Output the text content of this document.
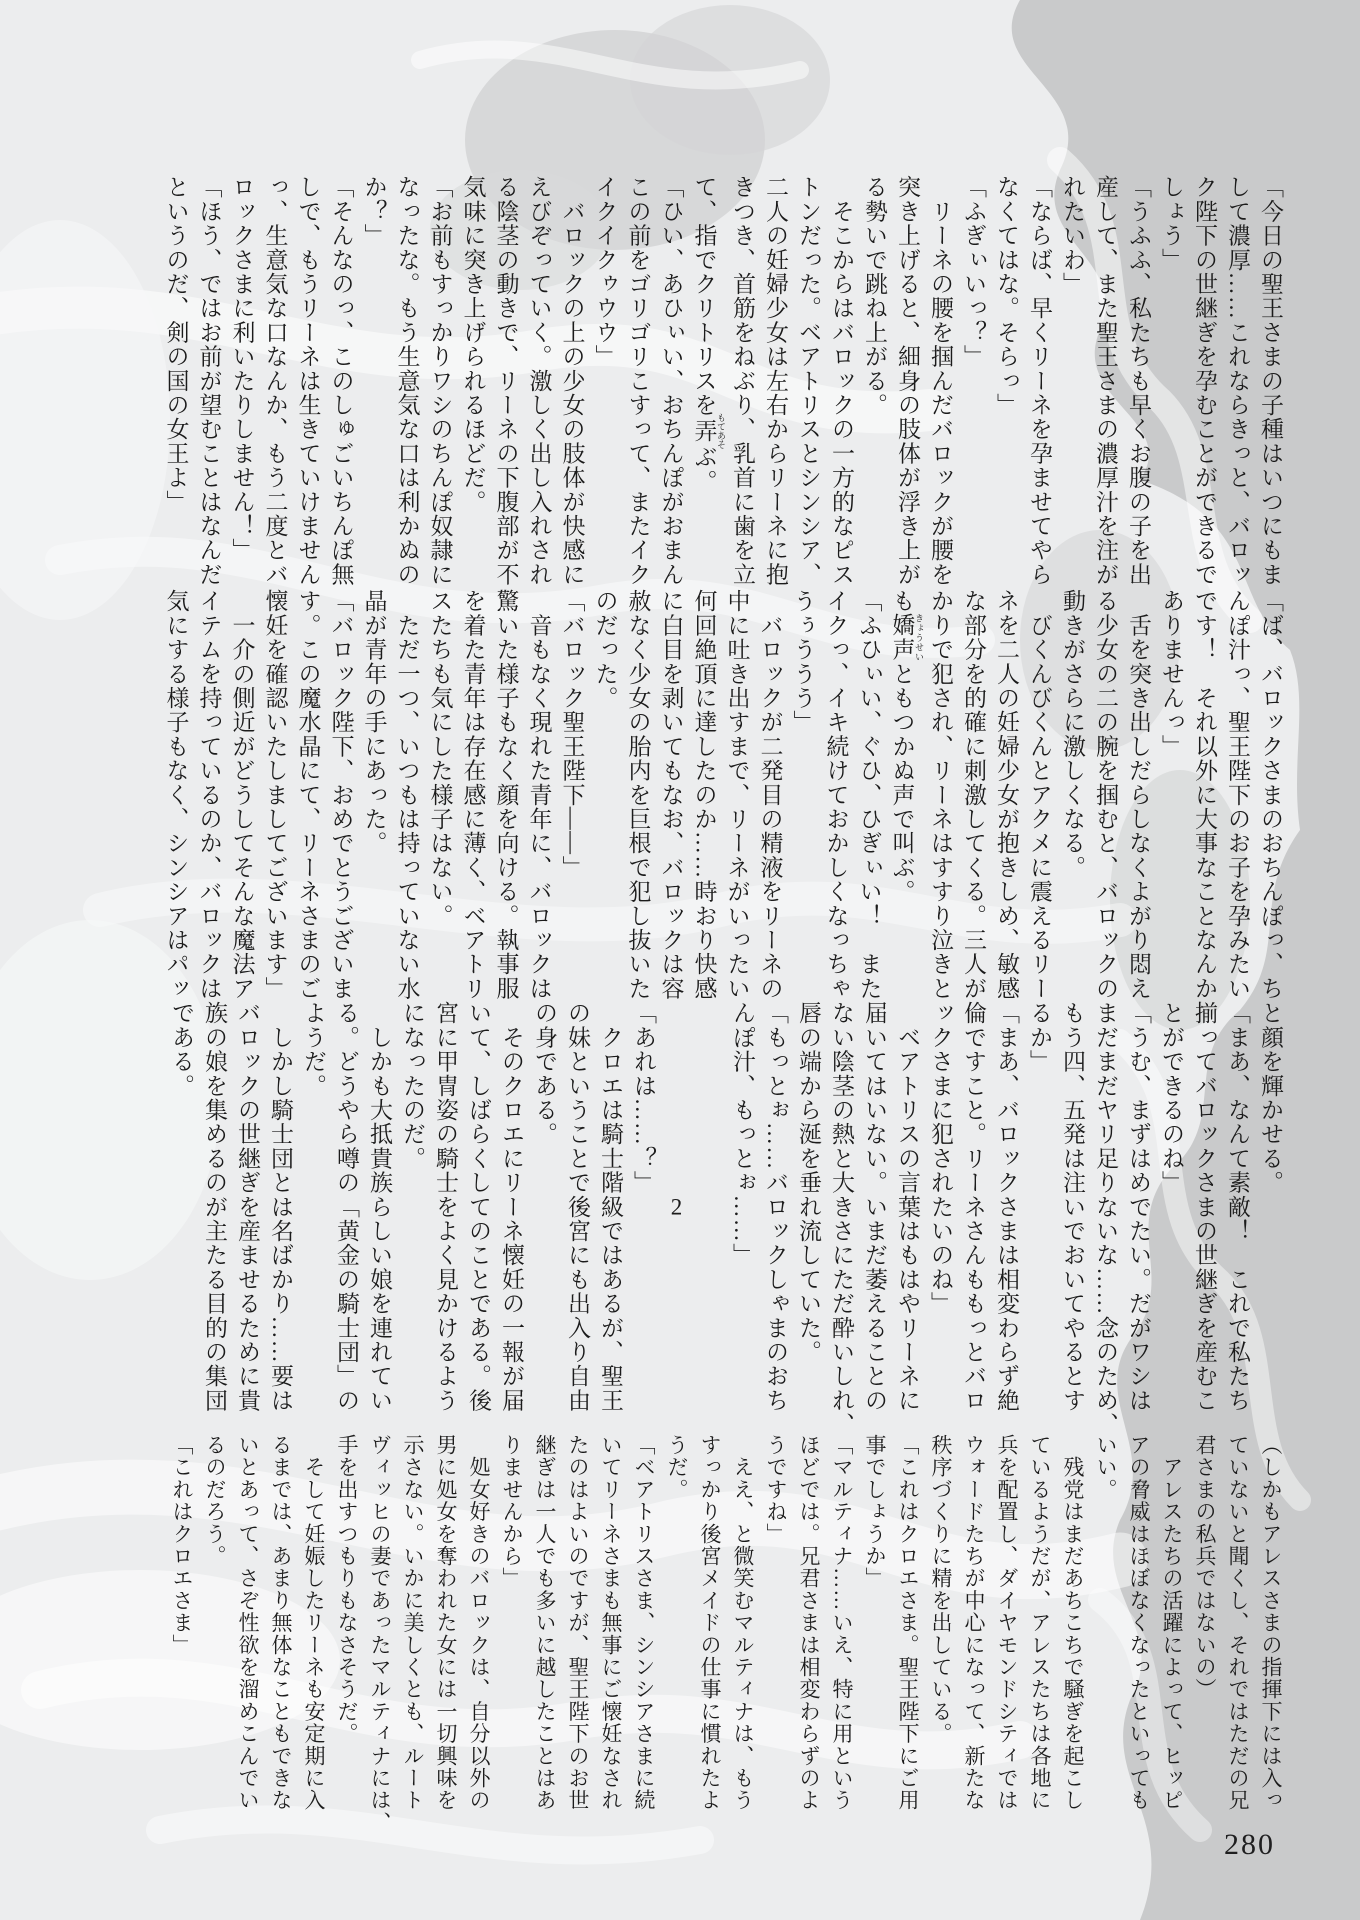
「今日の聖王さまの子種はいつにもま
して濃厚……これならきっと、バロッ
ク陛下の世継ぎを孕むことができるで
しょう」
「うふふ、私たちも早くお腹の子を出
産して、また聖王さまの濃厚汁を注が
れたいわ」
「ならば、早くリーネを孕ませてやら
なくてはな。そらっ」
「ふぎぃいっ？」
　リーネの腰を掴んだバロックが腰を
突き上げると、細身の肢体が浮き上が
る勢いで跳ね上がる。
　そこからはバロックの一方的なピス
トンだった。ベアトリスとシンシア、
二人の妊婦少女は左右からリーネに抱
きつき、首筋をねぶり、乳首に歯を立
て、指でクリトリスを弄 もてあそぶ。
「ひい、あひぃい、おちんぽがおまん
この前をゴリゴリこすって、またイク
イクイクゥウウ」
　バロックの上の少女の肢体が快感に
えびぞっていく。激しく出し入れされ
る陰茎の動きで、リーネの下腹部が不
気味に突き上げられるほどだ。
「お前もすっかりワシのちんぽ奴隷に
なったな。もう生意気な口は利かぬの
か？」
「そんなのっ、このしゅごいちんぽ無
しで、もうリーネは生きていけません
っ、生意気な口なんか、もう二度とバ
ロックさまに利いたりしません！」
「ほう、ではお前が望むことはなんだ
というのだ、剣の国の女王よ」
「ば、バロックさまのおちんぽっ、ち
んぽ汁っ、聖王陛下のお子を孕みたい
です！　それ以外に大事なことなんか
ありませんっ」
　舌を突き出しだらしなくよがり悶え
る少女の二の腕を掴むと、バロックの
動きがさらに激しくなる。
　びくんびくんとアクメに震えるリー
ネを二人の妊婦少女が抱きしめ、敏感
な部分を的確に刺激してくる。三人が
かりで犯され、リーネはすすり泣きと
も嬌声 きょうせいともつかぬ声で叫ぶ。
「ふひぃい、ぐひ、ひぎぃい！　また
イクっ、イキ続けておかしくなっちゃ
うぅううう」
　バロックが二発目の精液をリーネの
中に吐き出すまで、リーネがいったい
何回絶頂に達したのか……時おり快感
に白目を剥いてもなお、バロックは容
赦なく少女の胎内を巨根で犯し抜いた
のだった。
「バロック聖王陛下――」
　音もなく現れた青年に、バロックは
驚いた様子もなく顔を向ける。執事服
を着た青年は存在感に薄く、ベアトリ
スたちも気にした様子はない。
　ただ一つ、いつもは持っていない水
晶が青年の手にあった。
「バロック陛下、おめでとうございま
す。この魔水晶にて、リーネさまのご
懐妊を確認いたしましてございます」
　一介の側近がどうしてそんな魔法ア
イテムを持っているのか、バロックは
気にする様子もなく、シンシアはパッ
と顔を輝かせる。
「まあ、なんて素敵！　これで私たち
揃ってバロックさまの世継ぎを産むこ
とができるのね」
「うむ、まずはめでたい。だがワシは
まだまだヤリ足りないな……念のため、
もう四、五発は注いでおいてやるとす
るか」
「まあ、バロックさまは相変わらず絶
倫ですこと。リーネさんももっとバロ
ックさまに犯されたいのね」
　ベアトリスの言葉はもはやリーネに
届いてはいない。いまだ萎えることの
ない陰茎の熱と大きさにただ酔いしれ、
唇の端から涎を垂れ流していた。
「もっとぉ……バロックしゃまのおち
んぽ汁、もっとぉ……」

　　　　　　　　2
「あれは……？」
　クロエは騎士階級ではあるが、聖王
の妹ということで後宮にも出入り自由
の身である。
　そのクロエにリーネ懐妊の一報が届
いて、しばらくしてのことである。後
宮に甲冑姿の騎士をよく見かけるよう
になったのだ。
　しかも大抵貴族らしい娘を連れてい
る。どうやら噂の「黄金の騎士団」の
ようだ。
　しかし騎士団とは名ばかり……要は
バロックの世継ぎを産ませるために貴
族の娘を集めるのが主たる目的の集団
である。
（しかもアレスさまの指揮下には入っ
ていないと聞くし、それではただの兄
君さまの私兵ではないの）
　アレスたちの活躍によって、ヒッピ
アの脅威はほぼなくなったといっても
いい。
　残党はまだあちこちで騒ぎを起こし
ているようだが、アレスたちは各地に
兵を配置し、ダイヤモンドシティでは
ウォードたちが中心になって、新たな
秩序づくりに精を出している。
「これはクロエさま。聖王陛下にご用
事でしょうか」
「マルティナ……いえ、特に用という
ほどでは。兄君さまは相変わらずのよ
うですね」
　ええ、と微笑むマルティナは、もう
すっかり後宮メイドの仕事に慣れたよ
うだ。
「ベアトリスさま、シンシアさまに続
いてリーネさまも無事にご懐妊なされ
たのはよいのですが、聖王陛下のお世
継ぎは一人でも多いに越したことはあ
りませんから」
　処女好きのバロックは、自分以外の
男に処女を奪われた女には一切興味を
示さない。いかに美しくとも、ルート
ヴィッヒの妻であったマルティナには、
手を出すつもりもなさそうだ。
　そして妊娠したリーネも安定期に入
るまでは、あまり無体なこともできな
いとあって、さぞ性欲を溜めこんでい
るのだろう。
「これはクロエさま」
280
